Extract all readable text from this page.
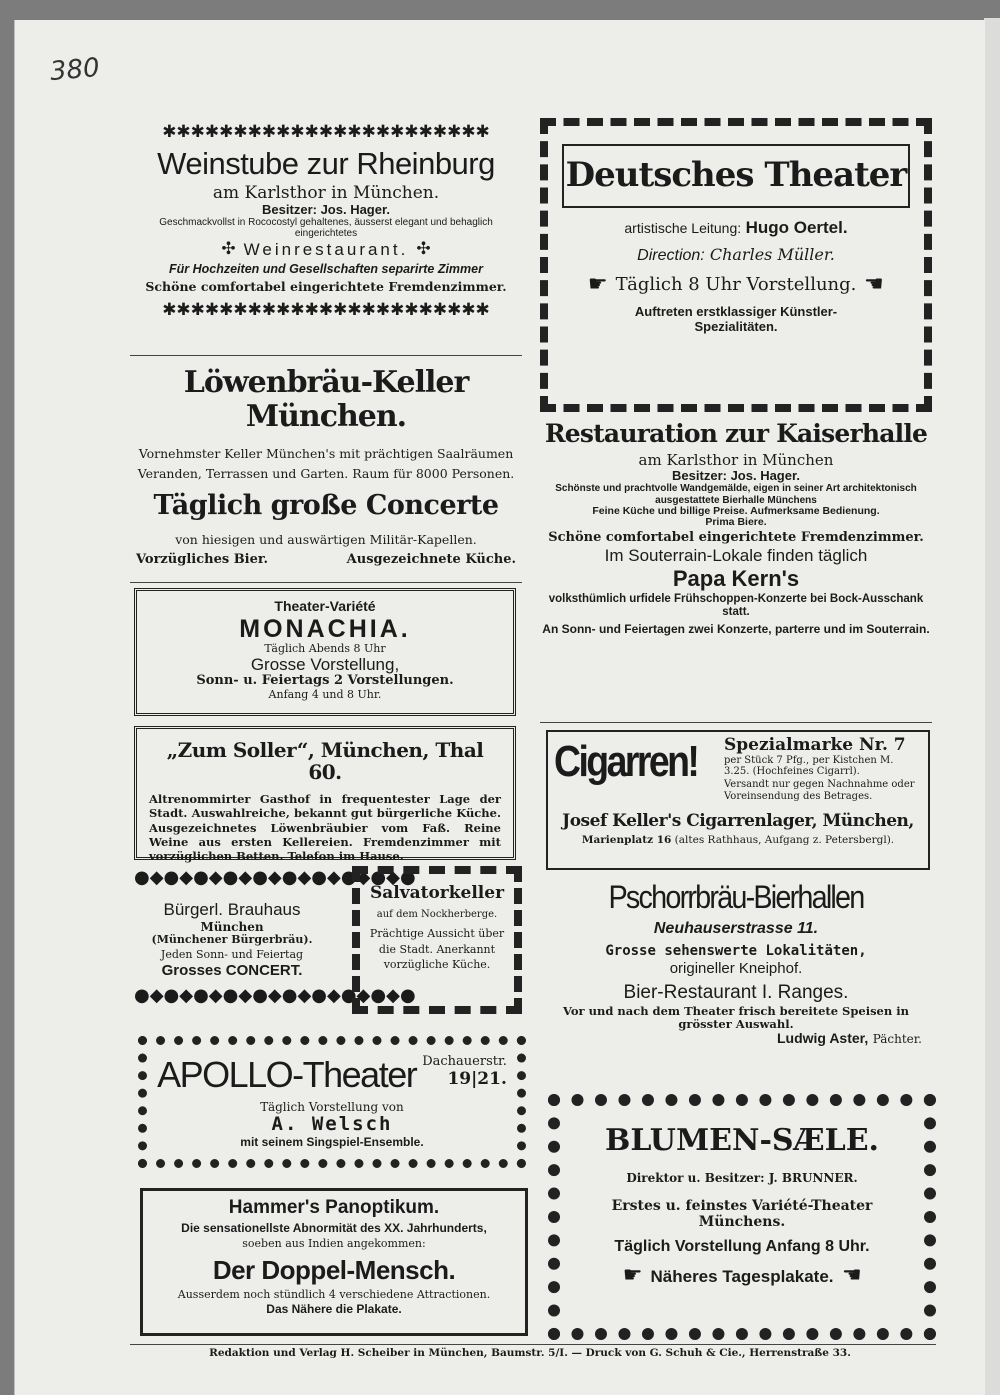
380
✱✱✱✱✱✱✱✱✱✱✱✱✱✱✱✱✱✱✱✱✱✱✱
Weinstube zur Rheinburg
am Karlsthor in München.
Besitzer: Jos. Hager.
Geschmackvollst in Rococostyl gehaltenes, äusserst elegant und behaglich eingerichtetes
✣ Weinrestaurant. ✣
Für Hochzeiten und Gesellschaften separirte Zimmer
Schöne comfortabel eingerichtete Fremdenzimmer.
✱✱✱✱✱✱✱✱✱✱✱✱✱✱✱✱✱✱✱✱✱✱✱
Löwenbräu-Keller München.
Vornehmster Keller München's mit prächtigen Saalräumen
Veranden, Terrassen und Garten. Raum für 8000 Personen.
Täglich große Concerte
von hiesigen und auswärtigen Militär-Kapellen.
Vorzügliches Bier.	Ausgezeichnete Küche.
Theater-Variété
MONACHIA.
Täglich Abends 8 Uhr
Grosse Vorstellung,
Sonn- u. Feiertags 2 Vorstellungen.
Anfang 4 und 8 Uhr.
„Zum Soller“, München, Thal 60.
Altrenommirter Gasthof in frequentester Lage der Stadt. Auswahlreiche, bekannt gut bürgerliche Küche. Ausgezeichnetes Löwenbräubier vom Faß. Reine Weine aus ersten Kellereien. Fremdenzimmer mit vorzüglichen Betten. Telefon im Hause.
●◆●◆●◆●◆●◆●◆●◆●◆●◆●
Bürgerl. Brauhaus
München
(Münchener Bürgerbräu).
Jeden Sonn- und Feiertag
Grosses CONCERT.
●◆●◆●◆●◆●◆●◆●◆●◆●◆●
Salvatorkeller
auf dem Nockherberge.
Prächtige Aussicht über die Stadt. Anerkannt vorzügliche Küche.
APOLLO-Theater Dachauerstr.
19|21.
Täglich Vorstellung von
A. Welsch
mit seinem Singspiel-Ensemble.
Hammer's Panoptikum.
Die sensationellste Abnormität des XX. Jahrhunderts,
soeben aus Indien angekommen:
Der Doppel-Mensch.
Ausserdem noch stündlich 4 verschiedene Attractionen.
Das Nähere die Plakate.
Deutsches Theater
artistische Leitung: Hugo Oertel.
Direction: Charles Müller.
☛ Täglich 8 Uhr Vorstellung. ☛
Auftreten erstklassiger Künstler-Spezialitäten.
Restauration zur Kaiserhalle
am Karlsthor in München
Besitzer: Jos. Hager.
Schönste und prachtvolle Wandgemälde, eigen in seiner Art architektonisch ausgestattete Bierhalle Münchens
Feine Küche und billige Preise. Aufmerksame Bedienung.
Prima Biere.
Schöne comfortabel eingerichtete Fremdenzimmer.
Im Souterrain-Lokale finden täglich
Papa Kern's
volksthümlich urfidele Frühschoppen-Konzerte bei Bock-Ausschank statt.
An Sonn- und Feiertagen zwei Konzerte, parterre und im Souterrain.
Cigarren! Spezialmarke Nr. 7
per Stück 7 Pfg., per Kistchen M. 3.25. (Hochfeines Cigarrl).
Versandt nur gegen Nachnahme oder Voreinsendung des Betrages.
Josef Keller's Cigarrenlager, München,
Marienplatz 16 (altes Rathhaus, Aufgang z. Petersbergl).
Pschorrbräu-Bierhallen
Neuhauserstrasse 11.
Grosse sehenswerte Lokalitäten,
origineller Kneiphof.
Bier-Restaurant I. Ranges.
Vor und nach dem Theater frisch bereitete Speisen in grösster Auswahl.
Ludwig Aster, Pächter.
BLUMEN-SÆLE.
Direktor u. Besitzer: J. BRUNNER.
Erstes u. feinstes Variété-Theater Münchens.
Täglich Vorstellung Anfang 8 Uhr.
☛ Näheres Tagesplakate. ☛
Redaktion und Verlag H. Scheiber in München, Baumstr. 5/I. — Druck von G. Schuh & Cie., Herrenstraße 33.
